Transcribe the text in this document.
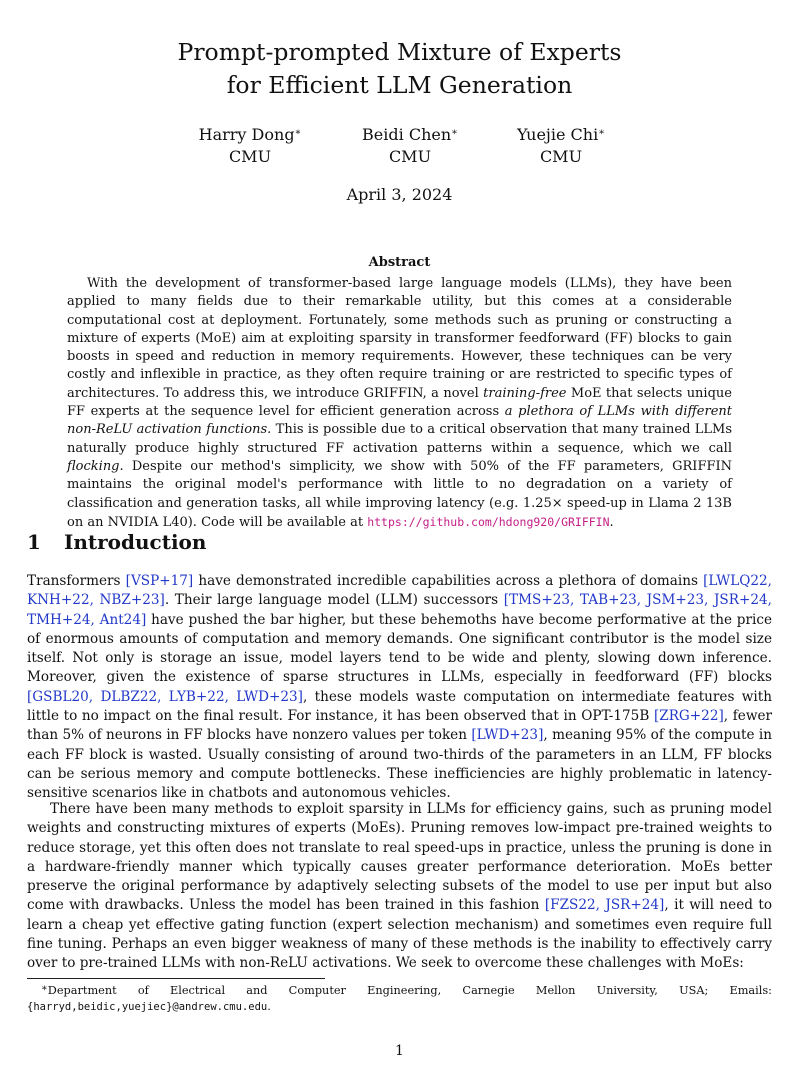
Prompt-prompted Mixture of Experts
for Efficient LLM Generation
Harry Dong∗
CMU
Beidi Chen∗
CMU
Yuejie Chi∗
CMU
April 3, 2024
Abstract

With the development of transformer-based large language models (LLMs), they have been applied to many fields due to their remarkable utility, but this comes at a considerable computational cost at deployment. Fortunately, some methods such as pruning or constructing a mixture of experts (MoE) aim at exploiting sparsity in transformer feedforward (FF) blocks to gain boosts in speed and reduction in memory requirements. However, these techniques can be very costly and inflexible in practice, as they often require training or are restricted to specific types of architectures. To address this, we introduce GRIFFIN, a novel training-free MoE that selects unique FF experts at the sequence level for efficient generation across a plethora of LLMs with different non-ReLU activation functions. This is possible due to a critical observation that many trained LLMs naturally produce highly structured FF activation patterns within a sequence, which we call flocking. Despite our method's simplicity, we show with 50% of the FF parameters, GRIFFIN maintains the original model's performance with little to no degradation on a variety of classification and generation tasks, all while improving latency (e.g. 1.25× speed-up in Llama 2 13B on an NVIDIA L40). Code will be available at https://github.com/hdong920/GRIFFIN.

1 Introduction

Transformers [VSP+17] have demonstrated incredible capabilities across a plethora of domains [LWLQ22, KNH+22, NBZ+23]. Their large language model (LLM) successors [TMS+23, TAB+23, JSM+23, JSR+24, TMH+24, Ant24] have pushed the bar higher, but these behemoths have become performative at the price of enormous amounts of computation and memory demands. One significant contributor is the model size itself. Not only is storage an issue, model layers tend to be wide and plenty, slowing down inference. Moreover, given the existence of sparse structures in LLMs, especially in feedforward (FF) blocks [GSBL20, DLBZ22, LYB+22, LWD+23], these models waste computation on intermediate features with little to no impact on the final result. For instance, it has been observed that in OPT-175B [ZRG+22], fewer than 5% of neurons in FF blocks have nonzero values per token [LWD+23], meaning 95% of the compute in each FF block is wasted. Usually consisting of around two-thirds of the parameters in an LLM, FF blocks can be serious memory and compute bottlenecks. These inefficiencies are highly problematic in latency-sensitive scenarios like in chatbots and autonomous vehicles.

There have been many methods to exploit sparsity in LLMs for efficiency gains, such as pruning model weights and constructing mixtures of experts (MoEs). Pruning removes low-impact pre-trained weights to reduce storage, yet this often does not translate to real speed-ups in practice, unless the pruning is done in a hardware-friendly manner which typically causes greater performance deterioration. MoEs better preserve the original performance by adaptively selecting subsets of the model to use per input but also come with drawbacks. Unless the model has been trained in this fashion [FZS22, JSR+24], it will need to learn a cheap yet effective gating function (expert selection mechanism) and sometimes even require full fine tuning. Perhaps an even bigger weakness of many of these methods is the inability to effectively carry over to pre-trained LLMs with non-ReLU activations. We seek to overcome these challenges with MoEs:

∗Department of Electrical and Computer Engineering, Carnegie Mellon University, USA; Emails: {harryd,beidic,yuejiec}@andrew.cmu.edu.

1
